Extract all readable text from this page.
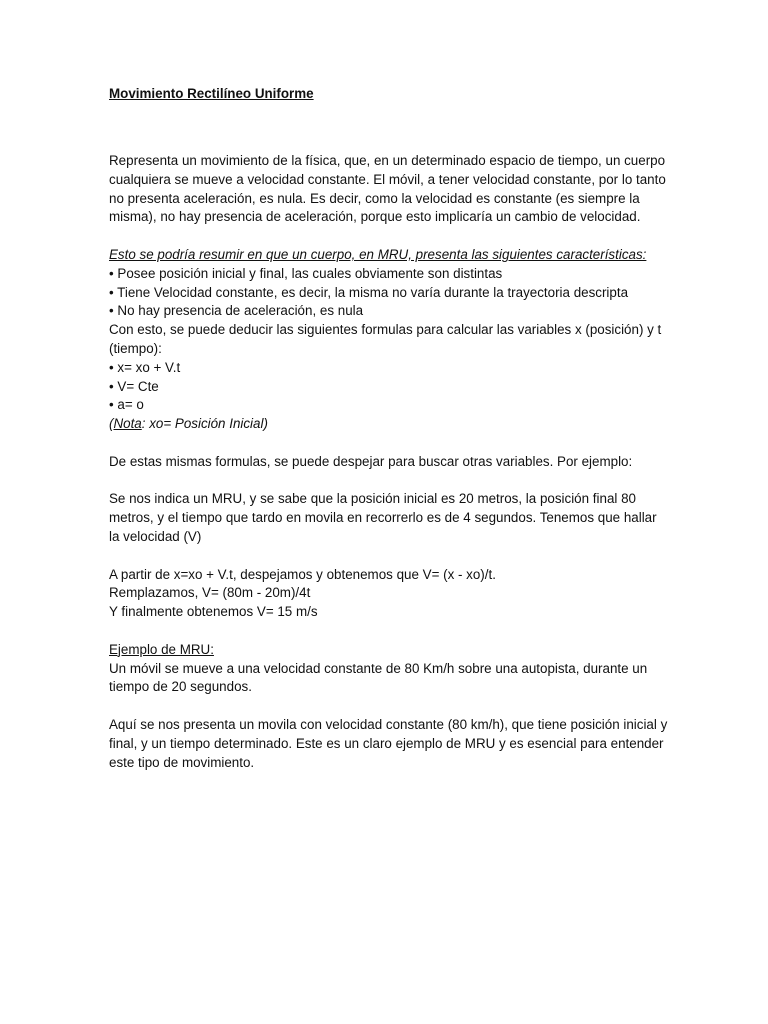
Movimiento Rectilíneo Uniforme

Representa un movimiento de la física, que, en un determinado espacio de tiempo, un cuerpo cualquiera se mueve a velocidad constante. El móvil, a tener velocidad constante, por lo tanto no presenta aceleración, es nula. Es decir, como la velocidad es constante (es siempre la misma), no hay presencia de aceleración, porque esto implicaría un cambio de velocidad.

Esto se podría resumir en que un cuerpo, en MRU, presenta las siguientes características:

• Posee posición inicial y final, las cuales obviamente son distintas
• Tiene Velocidad constante, es decir, la misma no varía durante la trayectoria descripta
• No hay presencia de aceleración, es nula

Con esto, se puede deducir las siguientes formulas para calcular las variables x (posición) y t (tiempo):

• x= xo + V.t
• V= Cte
• a= o

(Nota: xo= Posición Inicial)

De estas mismas formulas, se puede despejar para buscar otras variables. Por ejemplo:

Se nos indica un MRU, y se sabe que la posición inicial es 20 metros, la posición final 80 metros, y el tiempo que tardo en movila en recorrerlo es de 4 segundos. Tenemos que hallar la velocidad (V)

A partir de x=xo + V.t, despejamos y obtenemos que V= (x - xo)/t.

Remplazamos, V= (80m - 20m)/4t

Y finalmente obtenemos V= 15 m/s

Ejemplo de MRU:

Un móvil se mueve a una velocidad constante de 80 Km/h sobre una autopista, durante un tiempo de 20 segundos.

Aquí se nos presenta un movila con velocidad constante (80 km/h), que tiene posición inicial y final, y un tiempo determinado. Este es un claro ejemplo de MRU y es esencial para entender este tipo de movimiento.
